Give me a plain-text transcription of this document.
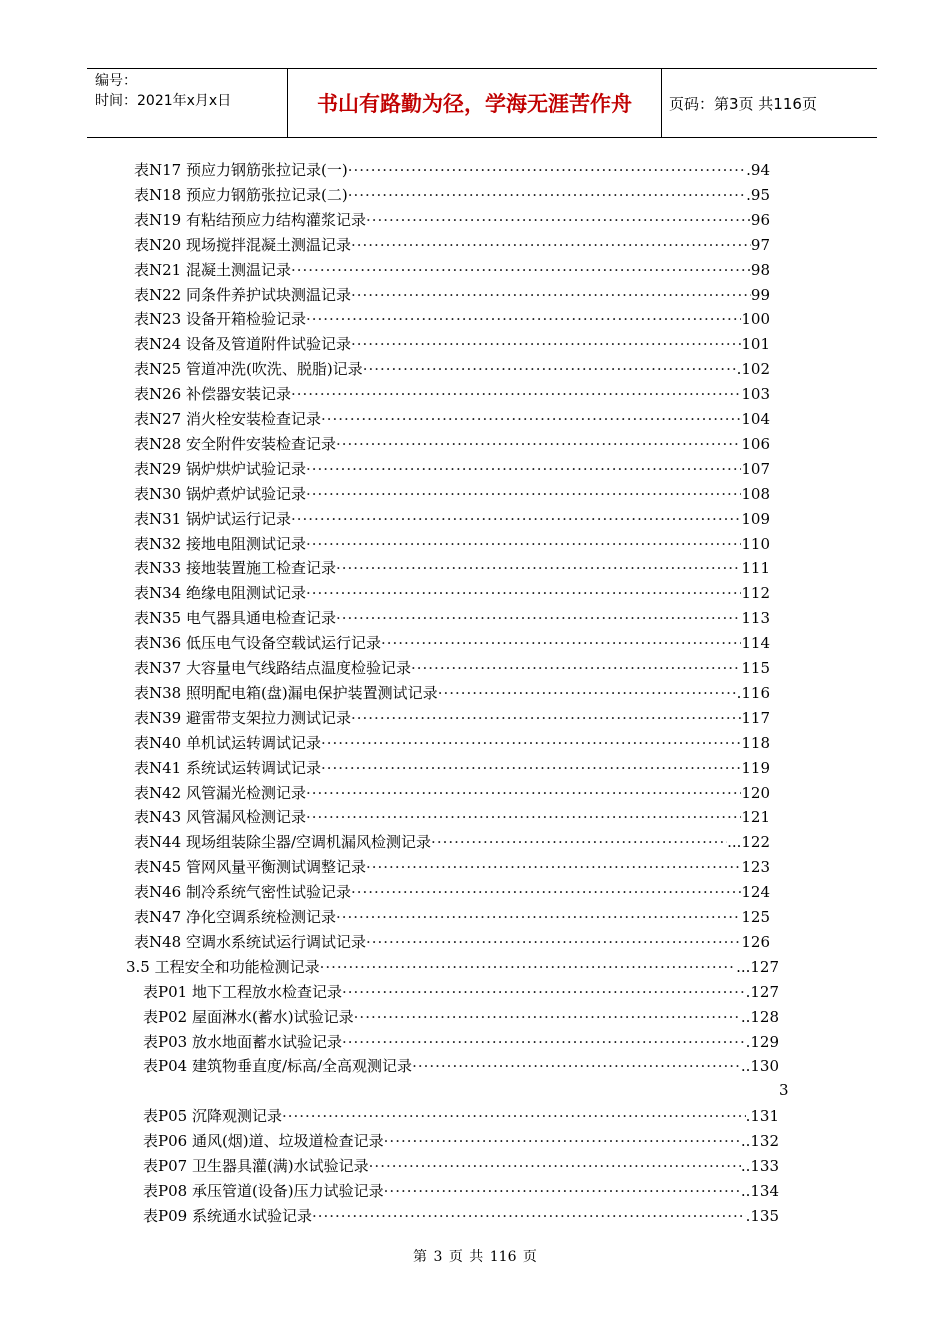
编号：
时间：2021年x月x日	书山有路勤为径，学海无涯苦作舟	页码：第3页 共116页
表N17 预应力钢筋张拉记录(一) ·····	.94
表N18 预应力钢筋张拉记录(二) ·····	.95
表N19 有粘结预应力结构灌浆记录 ·····	96
表N20 现场搅拌混凝土测温记录 ·····	97
表N21 混凝土测温记录 ·····	98
表N22 同条件养护试块测温记录 ·····	99
表N23 设备开箱检验记录 ·····	100
表N24 设备及管道附件试验记录 ·····	101
表N25 管道冲洗(吹洗、脱脂)记录 ·····	.102
表N26 补偿器安装记录 ·····	103
表N27 消火栓安装检查记录 ·····	104
表N28 安全附件安装检查记录 ·····	106
表N29 锅炉烘炉试验记录 ·····	107
表N30 锅炉煮炉试验记录 ·····	108
表N31 锅炉试运行记录 ·····	109
表N32 接地电阻测试记录 ·····	110
表N33 接地装置施工检查记录 ·····	111
表N34 绝缘电阻测试记录 ·····	112
表N35 电气器具通电检查记录 ·····	113
表N36 低压电气设备空载试运行记录 ·····	114
表N37 大容量电气线路结点温度检验记录 ·····	115
表N38 照明配电箱(盘)漏电保护装置测试记录 ·····	.116
表N39 避雷带支架拉力测试记录 ·····	117
表N40 单机试运转调试记录 ·····	118
表N41 系统试运转调试记录 ·····	119
表N42 风管漏光检测记录 ·····	120
表N43 风管漏风检测记录 ·····	121
表N44 现场组装除尘器/空调机漏风检测记录 ·····	...122
表N45 管网风量平衡测试调整记录 ·····	123
表N46 制冷系统气密性试验记录 ·····	124
表N47 净化空调系统检测记录 ·····	125
表N48 空调水系统试运行调试记录 ·····	126
3.5 工程安全和功能检测记录 ·····	...127
表P01 地下工程放水检查记录 ·····	.127
表P02 屋面淋水(蓄水)试验记录 ·····	..128
表P03 放水地面蓄水试验记录 ·····	.129
表P04 建筑物垂直度/标高/全高观测记录 ·····	..130
表P05 沉降观测记录 ·····	.131
表P06 通风(烟)道、垃圾道检查记录 ·····	..132
表P07 卫生器具灌(满)水试验记录 ·····	..133
表P08 承压管道(设备)压力试验记录 ·····	..134
表P09 系统通水试验记录 ·····	.135
3
第 3 页 共 116 页
